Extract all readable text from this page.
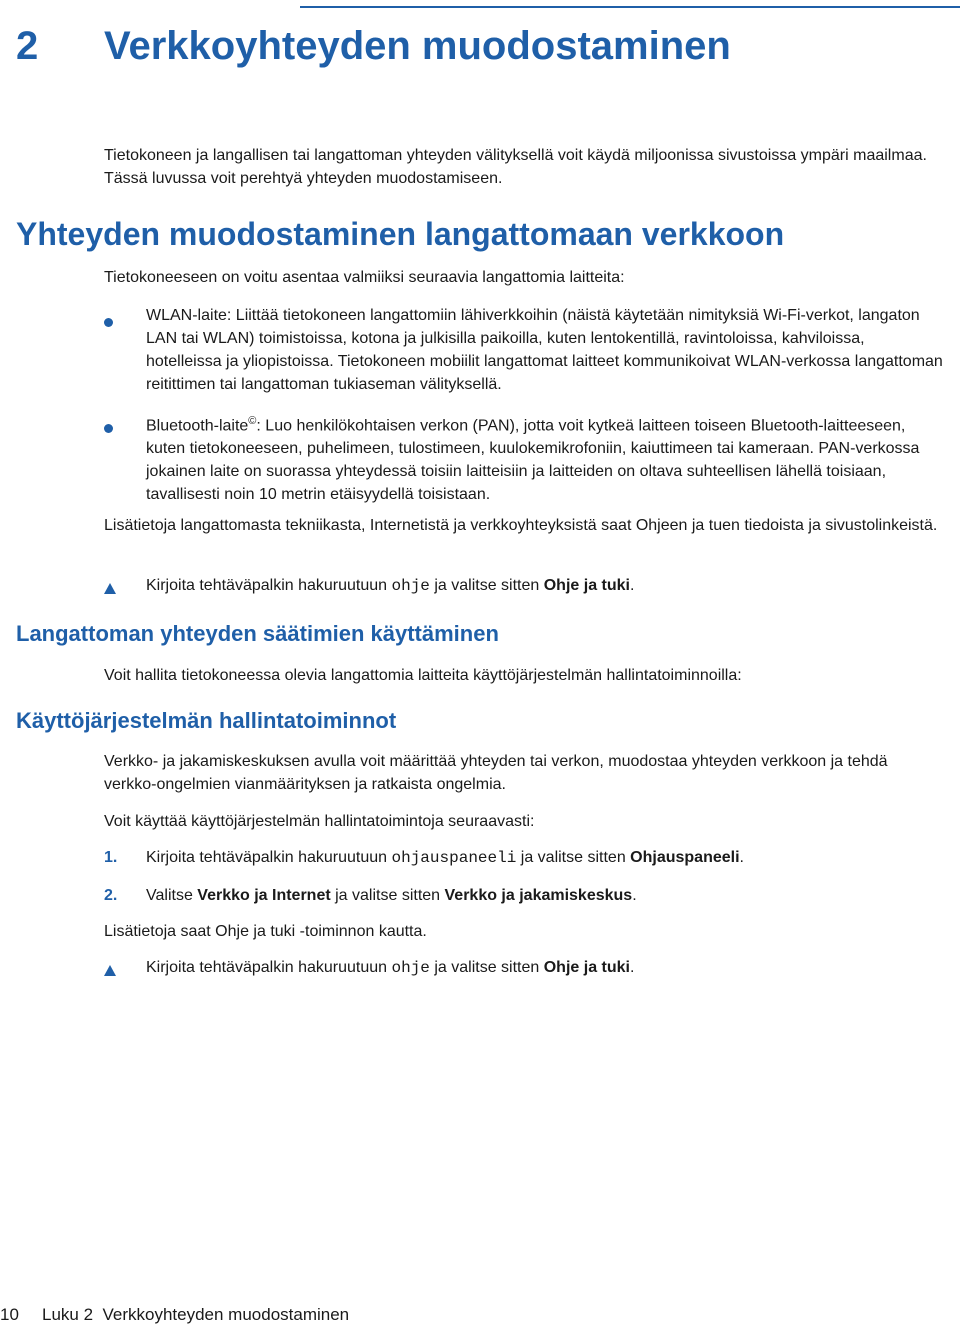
2 Verkkoyhteyden muodostaminen
Tietokoneen ja langallisen tai langattoman yhteyden välityksellä voit käydä miljoonissa sivustoissa ympäri maailmaa. Tässä luvussa voit perehtyä yhteyden muodostamiseen.
Yhteyden muodostaminen langattomaan verkkoon
Tietokoneeseen on voitu asentaa valmiiksi seuraavia langattomia laitteita:
WLAN-laite: Liittää tietokoneen langattomiin lähiverkkoihin (näistä käytetään nimityksiä Wi-Fi-verkot, langaton LAN tai WLAN) toimistoissa, kotona ja julkisilla paikoilla, kuten lentokentillä, ravintoloissa, kahviloissa, hotelleissa ja yliopistoissa. Tietokoneen mobiilit langattomat laitteet kommunikoivat WLAN-verkossa langattoman reitittimen tai langattoman tukiaseman välityksellä.
Bluetooth-laite©: Luo henkilökohtaisen verkon (PAN), jotta voit kytkeä laitteen toiseen Bluetooth-laitteeseen, kuten tietokoneeseen, puhelimeen, tulostimeen, kuulokemikrofoniin, kaiuttimeen tai kameraan. PAN-verkossa jokainen laite on suorassa yhteydessä toisiin laitteisiin ja laitteiden on oltava suhteellisen lähellä toisiaan, tavallisesti noin 10 metrin etäisyydellä toisistaan.
Lisätietoja langattomasta tekniikasta, Internetistä ja verkkoyhteyksistä saat Ohjeen ja tuen tiedoista ja sivustolinkeistä.
Kirjoita tehtäväpalkin hakuruutuun ohje ja valitse sitten Ohje ja tuki.
Langattoman yhteyden säätimien käyttäminen
Voit hallita tietokoneessa olevia langattomia laitteita käyttöjärjestelmän hallintatoiminnoilla:
Käyttöjärjestelmän hallintatoiminnot
Verkko- ja jakamiskeskuksen avulla voit määrittää yhteyden tai verkon, muodostaa yhteyden verkkoon ja tehdä verkko-ongelmien vianmäärityksen ja ratkaista ongelmia.
Voit käyttää käyttöjärjestelmän hallintatoimintoja seuraavasti:
1.	Kirjoita tehtäväpalkin hakuruutuun ohjauspaneeli ja valitse sitten Ohjauspaneeli.
2.	Valitse Verkko ja Internet ja valitse sitten Verkko ja jakamiskeskus.
Lisätietoja saat Ohje ja tuki -toiminnon kautta.
Kirjoita tehtäväpalkin hakuruutuun ohje ja valitse sitten Ohje ja tuki.
10 Luku 2  Verkkoyhteyden muodostaminen
